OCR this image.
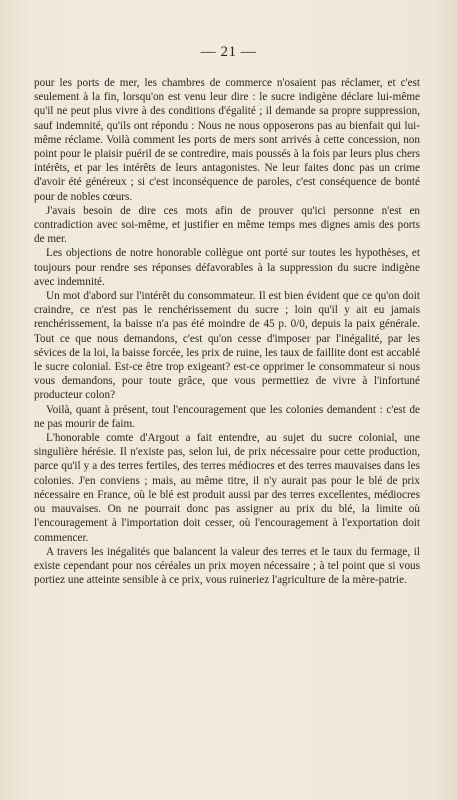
— 21 —

pour les ports de mer, les chambres de commerce n'osaient pas réclamer, et c'est seulement à la fin, lorsqu'on est venu leur dire : le sucre indigène déclare lui-même qu'il ne peut plus vivre à des conditions d'égalité ; il demande sa propre suppression, sauf indemnité, qu'ils ont répondu : Nous ne nous opposerons pas au bienfait qui lui-même réclame. Voilà comment les ports de mers sont arrivés à cette concession, non point pour le plaisir puéril de se contredire, mais poussés à la fois par leurs plus chers intérêts, et par les intérêts de leurs antagonistes. Ne leur faites donc pas un crime d'avoir été généreux ; si c'est inconséquence de paroles, c'est conséquence de bonté pour de nobles cœurs.

J'avais besoin de dire ces mots afin de prouver qu'ici personne n'est en contradiction avec soi-même, et justifier en même temps mes dignes amis des ports de mer.

Les objections de notre honorable collègue ont porté sur toutes les hypothèses, et toujours pour rendre ses réponses défavorables à la suppression du sucre indigène avec indemnité.

Un mot d'abord sur l'intérêt du consommateur. Il est bien évident que ce qu'on doit craindre, ce n'est pas le renchérissement du sucre ; loin qu'il y ait eu jamais renchérissement, la baisse n'a pas été moindre de 45 p. 0/0, depuis la paix générale. Tout ce que nous demandons, c'est qu'on cesse d'imposer par l'inégalité, par les sévices de la loi, la baisse forcée, les prix de ruine, les taux de faillite dont est accablé le sucre colonial. Est-ce être trop exigeant? est-ce opprimer le consommateur si nous vous demandons, pour toute grâce, que vous permettiez de vivre à l'infortuné producteur colon?

Voilà, quant à présent, tout l'encouragement que les colonies demandent : c'est de ne pas mourir de faim.

L'honorable comte d'Argout a fait entendre, au sujet du sucre colonial, une singulière hérésie. Il n'existe pas, selon lui, de prix nécessaire pour cette production, parce qu'il y a des terres fertiles, des terres médiocres et des terres mauvaises dans les colonies. J'en conviens ; mais, au même titre, il n'y aurait pas pour le blé de prix nécessaire en France, où le blé est produit aussi par des terres excellentes, médiocres ou mauvaises. On ne pourrait donc pas assigner au prix du blé, la limite où l'encouragement à l'importation doit cesser, où l'encouragement à l'exportation doit commencer.

A travers les inégalités que balancent la valeur des terres et le taux du fermage, il existe cependant pour nos céréales un prix moyen nécessaire ; à tel point que si vous portiez une atteinte sensible à ce prix, vous ruineriez l'agriculture de la mère-patrie.
